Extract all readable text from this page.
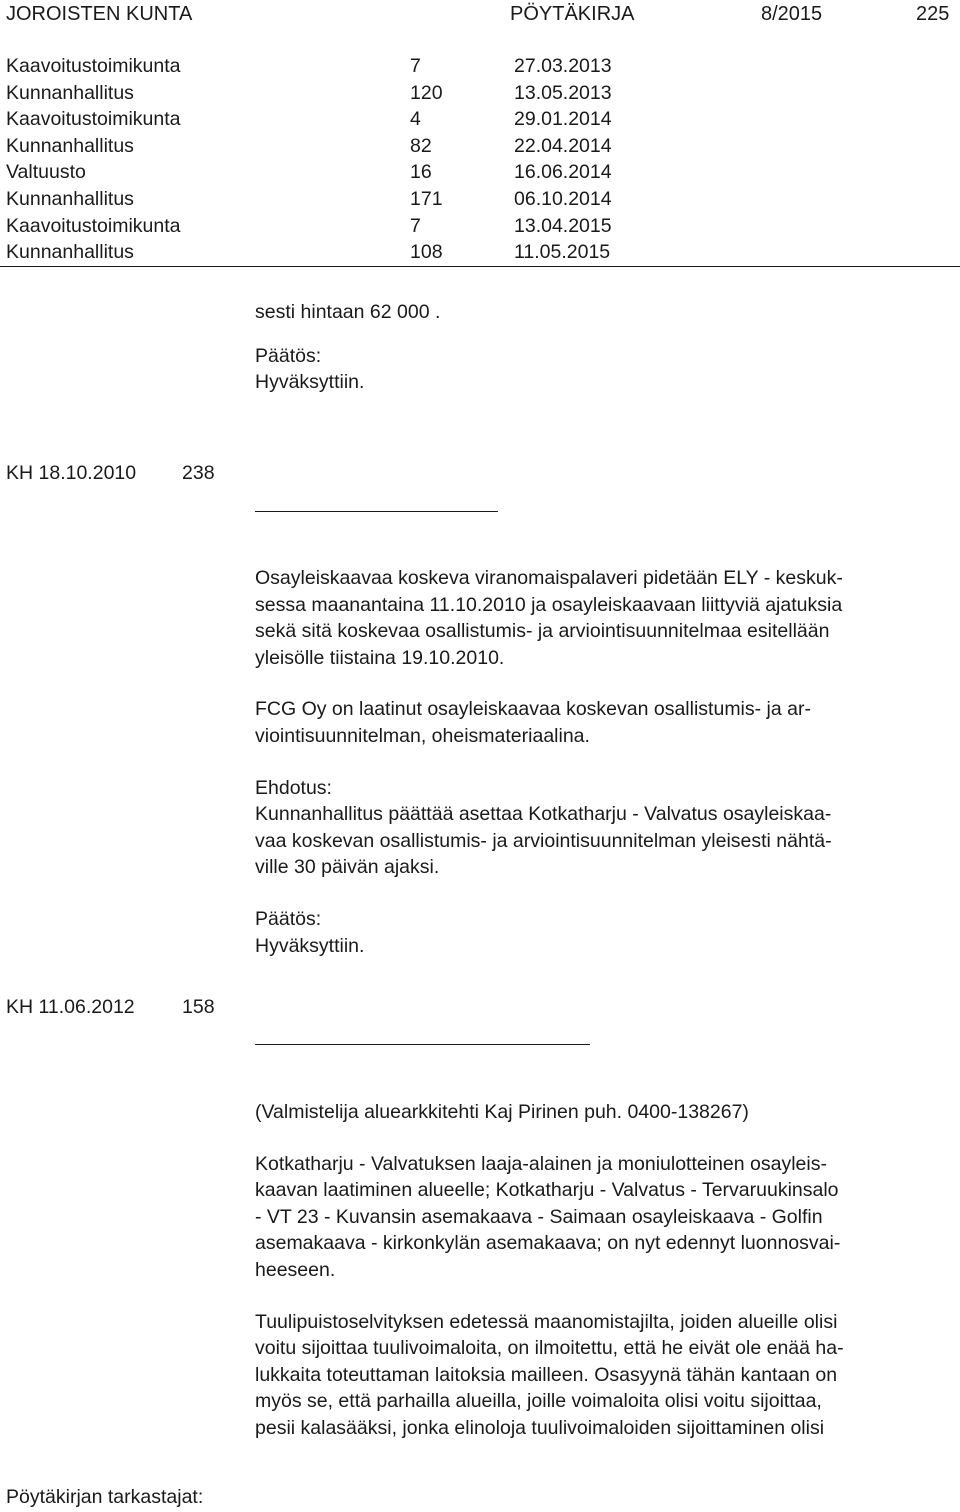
JOROISTEN KUNTA	PÖYTÄKIRJA	8/2015	225
Kaavoitustoimikunta	7	27.03.2013
Kunnanhallitus	120	13.05.2013
Kaavoitustoimikunta	4	29.01.2014
Kunnanhallitus	82	22.04.2014
Valtuusto	16	16.06.2014
Kunnanhallitus	171	06.10.2014
Kaavoitustoimikunta	7	13.04.2015
Kunnanhallitus	108	11.05.2015

sesti hintaan 62 000 .

Päätös:

Hyväksyttiin.

KH 18.10.2010 238

Osayleiskaavaa koskeva viranomaispalaveri pidetään ELY - keskuk-
sessa maanantaina 11.10.2010 ja osayleiskaavaan liittyviä ajatuksia
sekä sitä koskevaa osallistumis- ja arviointisuunnitelmaa esitellään
yleisölle tiistaina 19.10.2010.

FCG Oy on laatinut osayleiskaavaa koskevan osallistumis- ja ar-
viointisuunnitelman, oheismateriaalina.

Ehdotus:

Kunnanhallitus päättää asettaa Kotkatharju - Valvatus osayleiskaa-
vaa koskevan osallistumis- ja arviointisuunnitelman yleisesti nähtä-
ville 30 päivän ajaksi.

Päätös:

Hyväksyttiin.

KH 11.06.2012 158

(Valmistelija aluearkkitehti Kaj Pirinen puh. 0400-138267)

Kotkatharju - Valvatuksen laaja-alainen ja moniulotteinen osayleis-
kaavan laatiminen alueelle; Kotkatharju - Valvatus - Tervaruukinsalo
- VT 23 - Kuvansin asemakaava - Saimaan osayleiskaava - Golfin
asemakaava - kirkonkylän asemakaava; on nyt edennyt luonnosvai-
heeseen.

Tuulipuistoselvityksen edetessä maanomistajilta, joiden alueille olisi
voitu sijoittaa tuulivoimaloita, on ilmoitettu, että he eivät ole enää ha-
lukkaita toteuttaman laitoksia mailleen. Osasyynä tähän kantaan on
myös se, että parhailla alueilla, joille voimaloita olisi voitu sijoittaa,
pesii kalasääksi, jonka elinoloja tuulivoimaloiden sijoittaminen olisi

Pöytäkirjan tarkastajat:
